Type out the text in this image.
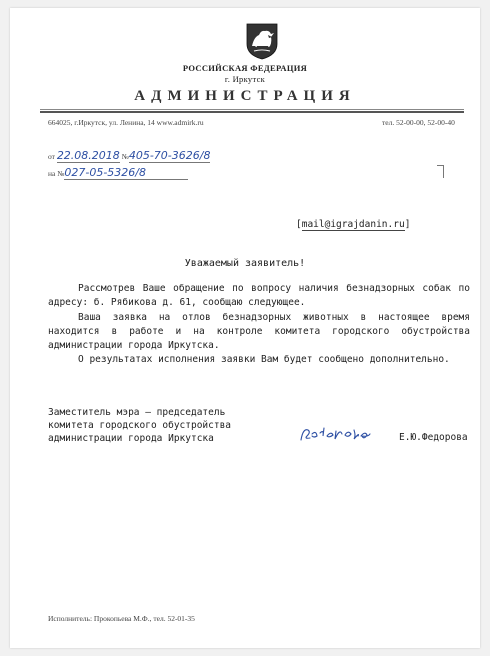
РОССИЙСКАЯ ФЕДЕРАЦИЯ
г. Иркутск
АДМИНИСТРАЦИЯ
664025, г.Иркутск, ул. Ленина, 14 www.admirk.ru	тел. 52-00-00, 52-00-40
от 22.08.2018 №405-70-3626/8
на №027-05-5326/8
[mail@igrajdanin.ru]
Уважаемый заявитель!

Рассмотрев Ваше обращение по вопросу наличия безнадзорных собак по адресу: б. Рябикова д. 61, сообщаю следующее.

Ваша заявка на отлов безнадзорных животных в настоящее время находится в работе и на контроле комитета городского обустройства администрации города Иркутска.

О результатах исполнения заявки Вам будет сообщено дополнительно.

Заместитель мэра – председатель
комитета городского обустройства
администрации города Иркутска	Е.Ю.Федорова
Исполнитель: Прокопьева М.Ф., тел. 52-01-35
